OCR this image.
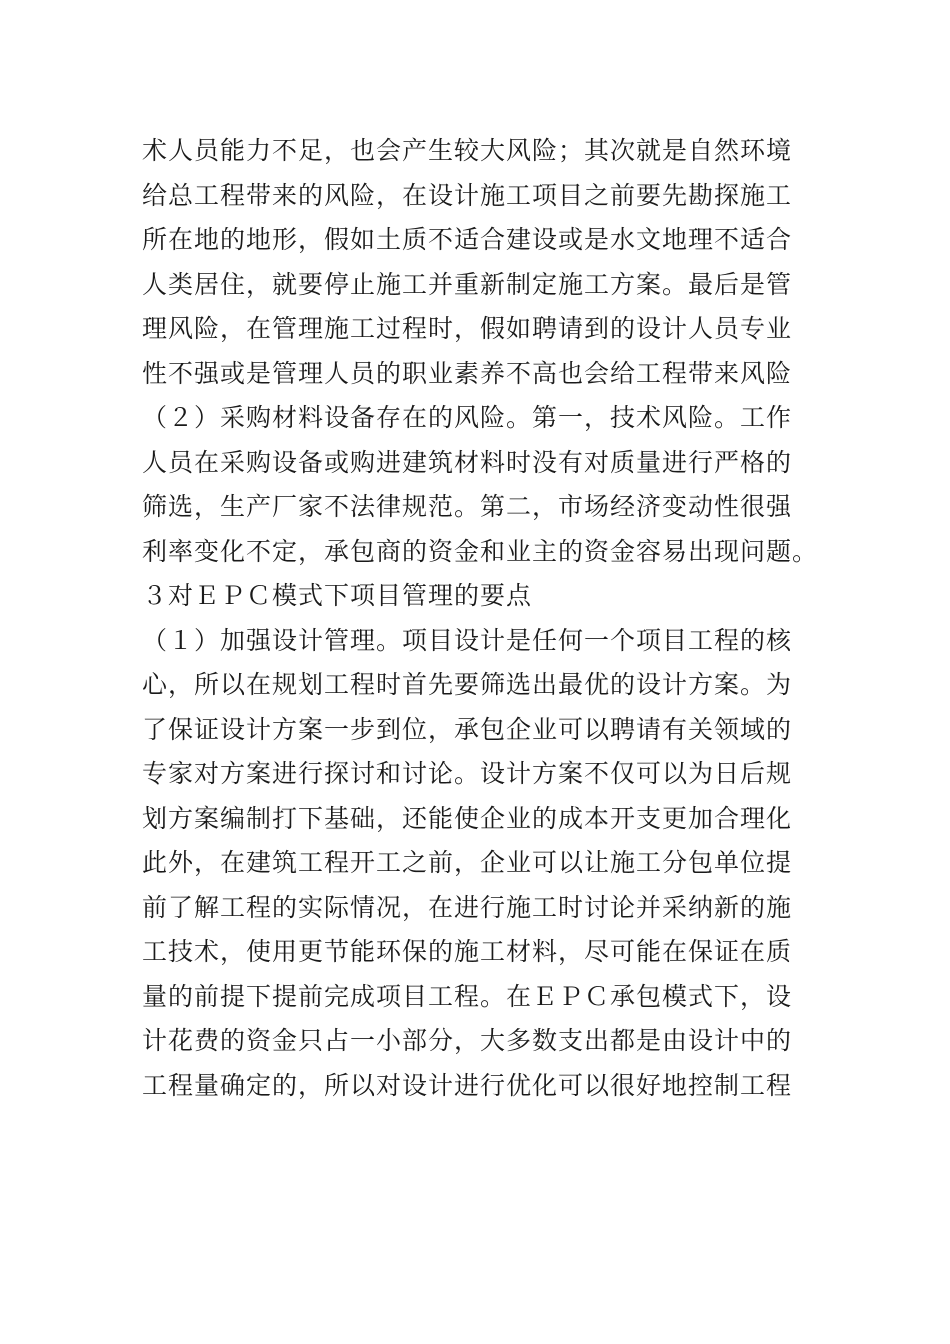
术人员能力不足，也会产生较大风险；其次就是自然环境
给总工程带来的风险，在设计施工项目之前要先勘探施工
所在地的地形，假如土质不适合建设或是水文地理不适合
人类居住，就要停止施工并重新制定施工方案。最后是管
理风险，在管理施工过程时，假如聘请到的设计人员专业
性不强或是管理人员的职业素养不高也会给工程带来风险
（２）采购材料设备存在的风险。第一，技术风险。工作
人员在采购设备或购进建筑材料时没有对质量进行严格的
筛选，生产厂家不法律规范。第二，市场经济变动性很强
利率变化不定，承包商的资金和业主的资金容易出现问题。
３对ＥＰＣ模式下项目管理的要点
（１）加强设计管理。项目设计是任何一个项目工程的核
心，所以在规划工程时首先要筛选出最优的设计方案。为
了保证设计方案一步到位，承包企业可以聘请有关领域的
专家对方案进行探讨和讨论。设计方案不仅可以为日后规
划方案编制打下基础，还能使企业的成本开支更加合理化
此外，在建筑工程开工之前，企业可以让施工分包单位提
前了解工程的实际情况，在进行施工时讨论并采纳新的施
工技术，使用更节能环保的施工材料，尽可能在保证在质
量的前提下提前完成项目工程。在ＥＰＣ承包模式下，设
计花费的资金只占一小部分，大多数支出都是由设计中的
工程量确定的，所以对设计进行优化可以很好地控制工程
